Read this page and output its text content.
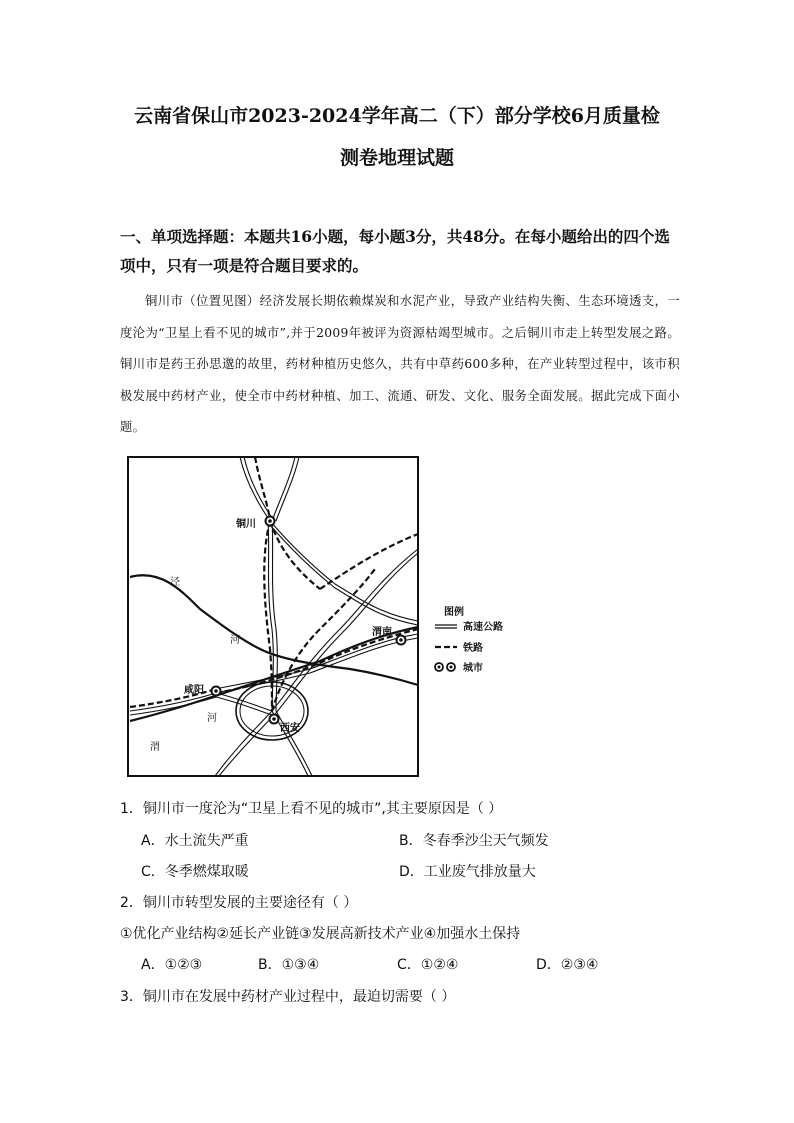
云南省保山市2023-2024学年高二（下）部分学校6月质量检
测卷地理试题
一、单项选择题：本题共16小题，每小题3分，共48分。在每小题给出的四个选项中，只有一项是符合题目要求的。
铜川市（位置见图）经济发展长期依赖煤炭和水泥产业，导致产业结构失衡、生态环境透支，一度沦为“卫星上看不见的城市”,并于2009年被评为资源枯竭型城市。之后铜川市走上转型发展之路。铜川市是药王孙思邈的故里，药材种植历史悠久，共有中草药600多种，在产业转型过程中，该市积极发展中药材产业，使全市中药材种植、加工、流通、研发、文化、服务全面发展。据此完成下面小题。
铜川
渭南
咸阳
西安
泾
河
河
渭
图例
高速公路
铁路
城市
1．铜川市一度沦为“卫星上看不见的城市”,其主要原因是（ ）
A．水土流失严重	B．冬春季沙尘天气频发
C．冬季燃煤取暖	D．工业废气排放量大
2．铜川市转型发展的主要途径有（ ）
①优化产业结构②延长产业链③发展高新技术产业④加强水土保持
A．①②③	B．①③④	C．①②④	D．②③④
3．铜川市在发展中药材产业过程中，最迫切需要（ ）
